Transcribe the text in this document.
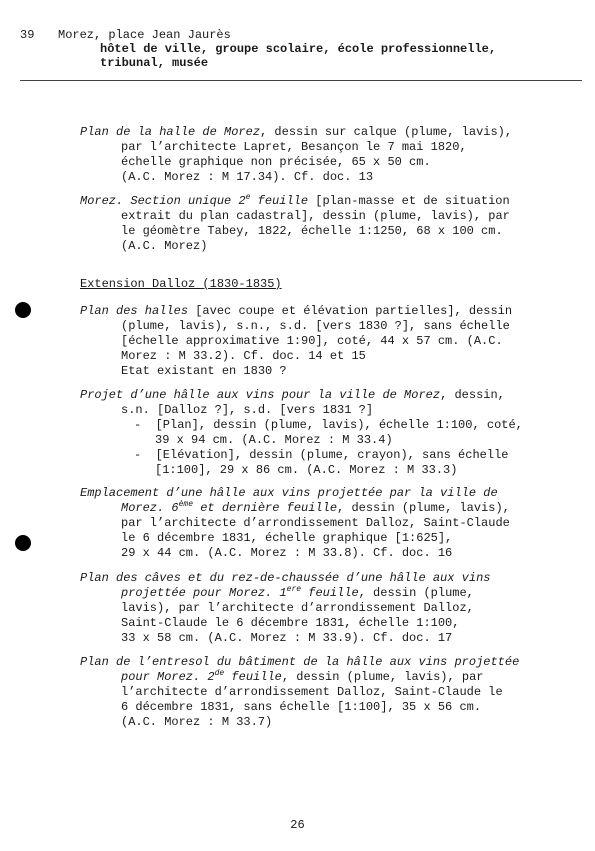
39 Morez, place Jean Jaurès
hôtel de ville, groupe scolaire, école professionnelle,
tribunal, musée
Plan de la halle de Morez, dessin sur calque (plume, lavis),
par l’architecte Lapret, Besançon le 7 mai 1820,
échelle graphique non précisée, 65 x 50 cm.
(A.C. Morez : M 17.34). Cf. doc. 13
Morez. Section unique 2e feuille [plan-masse et de situation
extrait du plan cadastral], dessin (plume, lavis), par
le géomètre Tabey, 1822, échelle 1:1250, 68 x 100 cm.
(A.C. Morez)
Extension Dalloz (1830-1835)
Plan des halles [avec coupe et élévation partielles], dessin
(plume, lavis), s.n., s.d. [vers 1830 ?], sans échelle
[échelle approximative 1:90], coté, 44 x 57 cm. (A.C.
Morez : M 33.2). Cf. doc. 14 et 15
Etat existant en 1830 ?
Projet d’une hâlle aux vins pour la ville de Morez, dessin,
s.n. [Dalloz ?], s.d. [vers 1831 ?]
-  [Plan], dessin (plume, lavis), échelle 1:100, coté,
39 x 94 cm. (A.C. Morez : M 33.4)
-  [Elévation], dessin (plume, crayon), sans échelle
[1:100], 29 x 86 cm. (A.C. Morez : M 33.3)
Emplacement d’une hâlle aux vins projettée par la ville de
Morez. 6ème et dernière feuille, dessin (plume, lavis),
par l’architecte d’arrondissement Dalloz, Saint-Claude
le 6 décembre 1831, échelle graphique [1:625],
29 x 44 cm. (A.C. Morez : M 33.8). Cf. doc. 16
Plan des câves et du rez-de-chaussée d’une hâlle aux vins
projettée pour Morez. 1ere feuille, dessin (plume,
lavis), par l’architecte d’arrondissement Dalloz,
Saint-Claude le 6 décembre 1831, échelle 1:100,
33 x 58 cm. (A.C. Morez : M 33.9). Cf. doc. 17
Plan de l’entresol du bâtiment de la hâlle aux vins projettée
pour Morez. 2de feuille, dessin (plume, lavis), par
l’architecte d’arrondissement Dalloz, Saint-Claude le
6 décembre 1831, sans échelle [1:100], 35 x 56 cm.
(A.C. Morez : M 33.7)
26
